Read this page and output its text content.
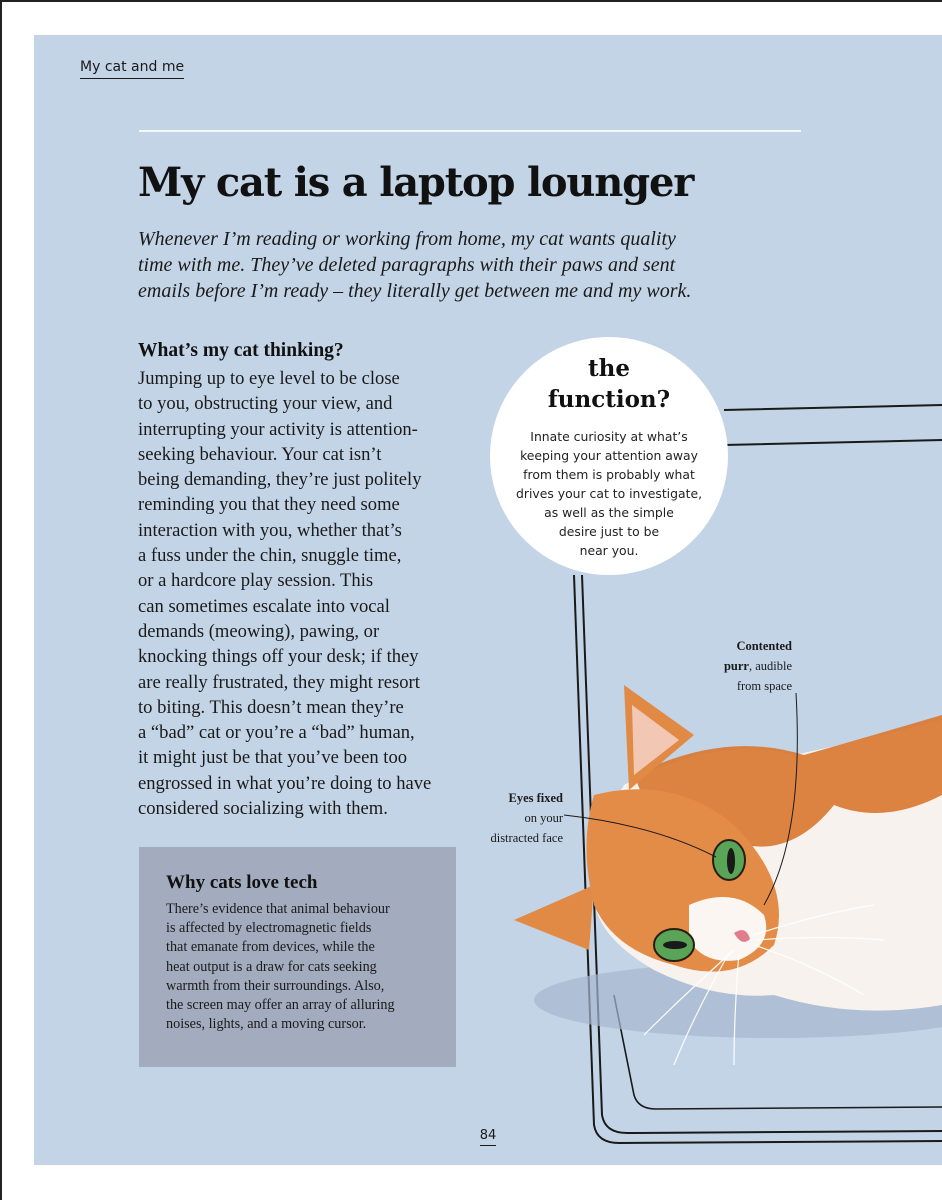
My cat and me
My cat is a laptop lounger

Whenever I’m reading or working from home, my cat wants quality
time with me. They’ve deleted paragraphs with their paws and sent
emails before I’m ready – they literally get between me and my work.

What’s my cat thinking?

Jumping up to eye level to be close
to you, obstructing your view, and
interrupting your activity is attention-
seeking behaviour. Your cat isn’t
being demanding, they’re just politely
reminding you that they need some
interaction with you, whether that’s
a fuss under the chin, snuggle time,
or a hardcore play session. This
can sometimes escalate into vocal
demands (meowing), pawing, or
knocking things off your desk; if they
are really frustrated, they might resort
to biting. This doesn’t mean they’re
a “bad” cat or you’re a “bad” human,
it might just be that you’ve been too
engrossed in what you’re doing to have
considered socializing with them.

Why cats love tech

There’s evidence that animal behaviour
is affected by electromagnetic fields
that emanate from devices, while the
heat output is a draw for cats seeking
warmth from their surroundings. Also,
the screen may offer an array of alluring
noises, lights, and a moving cursor.

the
function?

Innate curiosity at what’s
keeping your attention away
from them is probably what
drives your cat to investigate,
as well as the simple
desire just to be
near you.

Contented
purr, audible
from space
Eyes fixed
on your
distracted face
84
